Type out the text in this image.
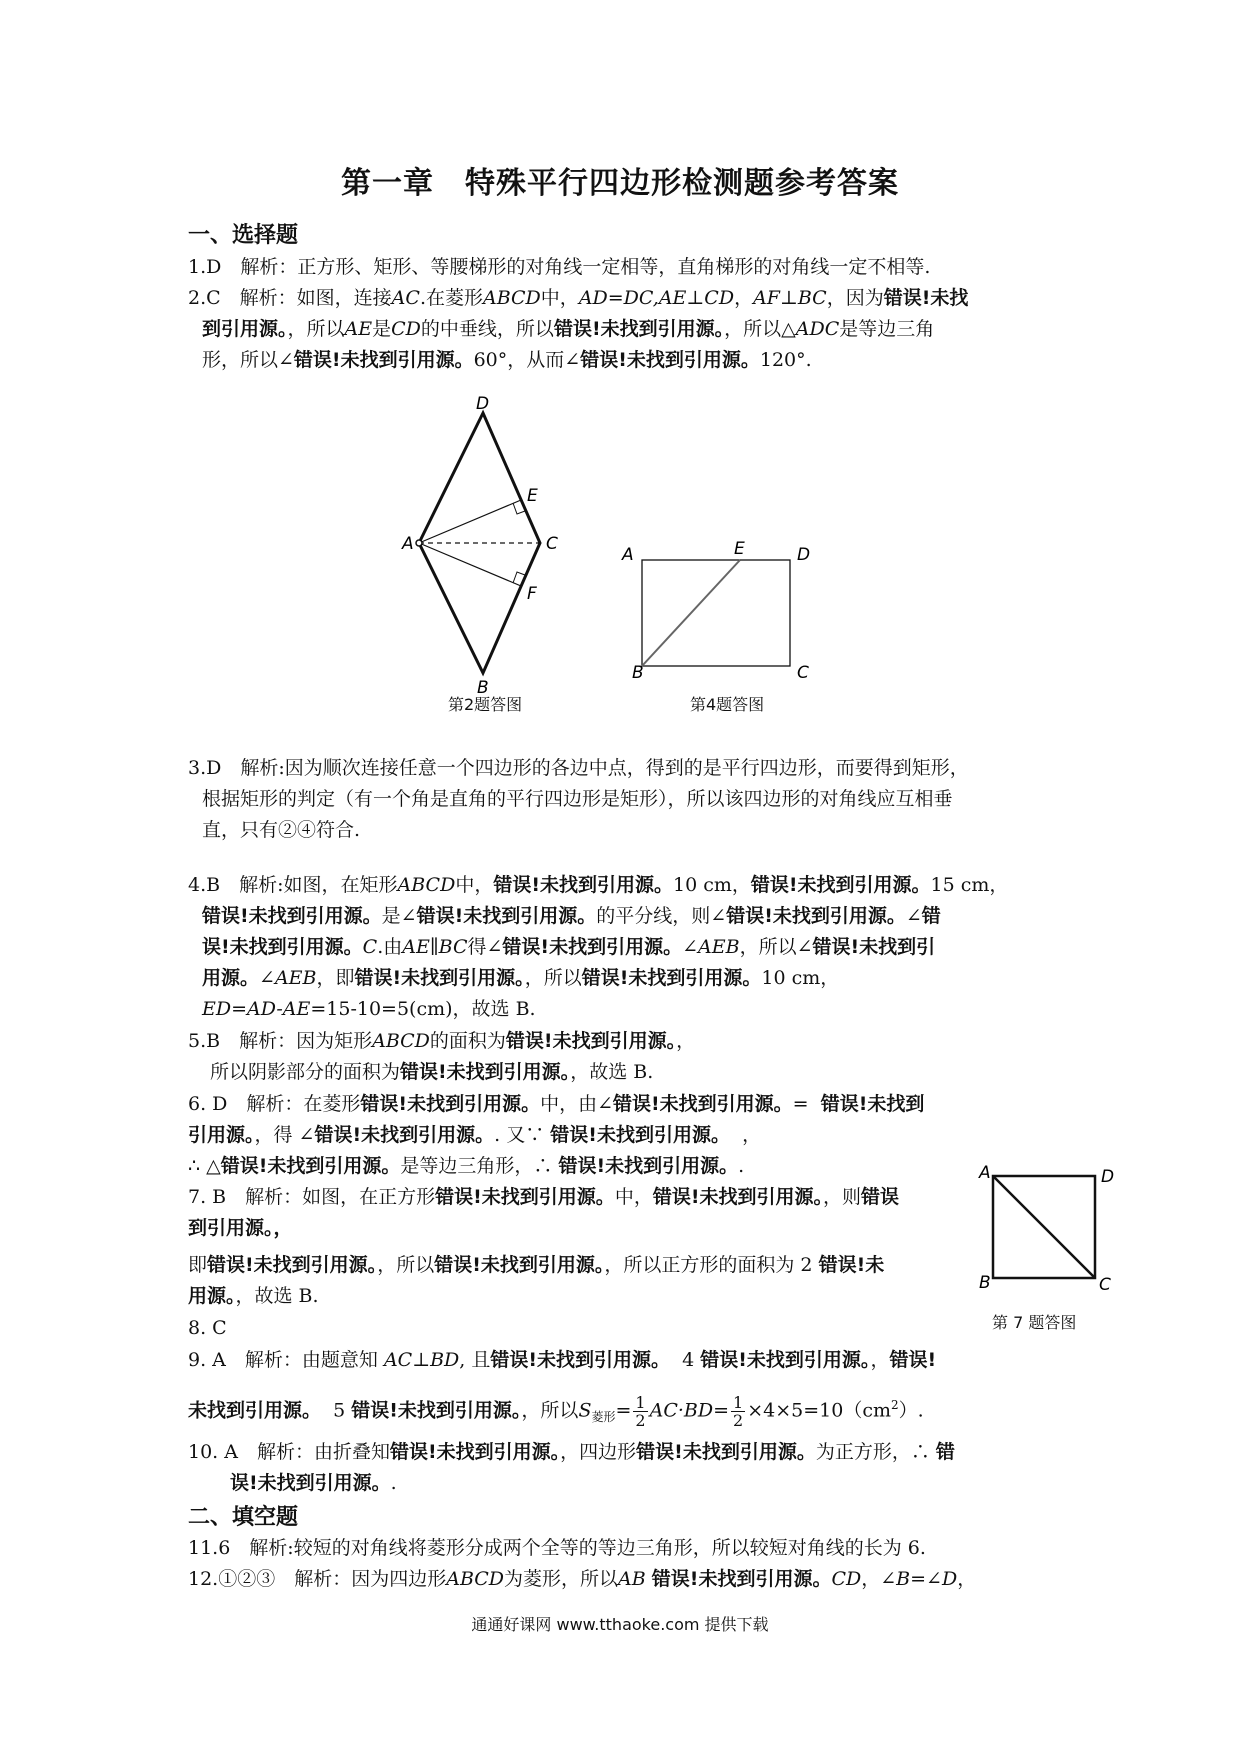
第一章　特殊平行四边形检测题参考答案
一、选择题
1.D　解析：正方形、矩形、等腰梯形的对角线一定相等，直角梯形的对角线一定不相等.
2.C　解析：如图，连接AC.在菱形ABCD中，AD=DC,AE⊥CD，AF⊥BC，因为错误!未找
到引用源。，所以AE是CD的中垂线，所以错误!未找到引用源。，所以△ADC是等边三角
形，所以∠错误!未找到引用源。60°，从而∠错误!未找到引用源。120°.
D
E
A	C
F
B
第2题答图
A	E	D
B	C
第4题答图
3.D　解析:因为顺次连接任意一个四边形的各边中点，得到的是平行四边形，而要得到矩形，
根据矩形的判定（有一个角是直角的平行四边形是矩形），所以该四边形的对角线应互相垂
直，只有②④符合.
4.B　解析:如图，在矩形ABCD中，错误!未找到引用源。10 cm，错误!未找到引用源。15 cm，
错误!未找到引用源。是∠错误!未找到引用源。的平分线，则∠错误!未找到引用源。∠错
误!未找到引用源。C.由AE∥BC得∠错误!未找到引用源。∠AEB，所以∠错误!未找到引
用源。∠AEB，即错误!未找到引用源。，所以错误!未找到引用源。10 cm，
ED=AD-AE=15-10=5(cm)，故选 B.
5.B　解析：因为矩形ABCD的面积为错误!未找到引用源。，
所以阴影部分的面积为错误!未找到引用源。，故选 B.
6. D　解析：在菱形错误!未找到引用源。中，由∠错误!未找到引用源。= 错误!未找到
引用源。，得 ∠错误!未找到引用源。. 又∵ 错误!未找到引用源。 ，
∴ △错误!未找到引用源。是等边三角形，∴ 错误!未找到引用源。.
7. B　解析：如图，在正方形错误!未找到引用源。中，错误!未找到引用源。，则错误
到引用源。，
即错误!未找到引用源。，所以错误!未找到引用源。，所以正方形的面积为 2 错误!未
用源。，故选 B.
A	D
B	C
第 7 题答图
8. C
9. A　解析：由题意知 AC⊥BD, 且错误!未找到引用源。 4 错误!未找到引用源。，错误!
未找到引用源。 5 错误!未找到引用源。，所以$S_{菱形}= \frac{1}{2} AC\cdot BD= \frac{1}{2} \times 4\times 5=10(cm^2)$.
10. A　解析：由折叠知错误!未找到引用源。，四边形错误!未找到引用源。为正方形，∴ 错
误!未找到引用源。.
二、填空题
11.6　解析:较短的对角线将菱形分成两个全等的等边三角形，所以较短对角线的长为 6.
12.①②③　解析：因为四边形ABCD为菱形，所以AB 错误!未找到引用源。CD，∠B=∠D，
通通好课网 www.tthaoke.com 提供下载
